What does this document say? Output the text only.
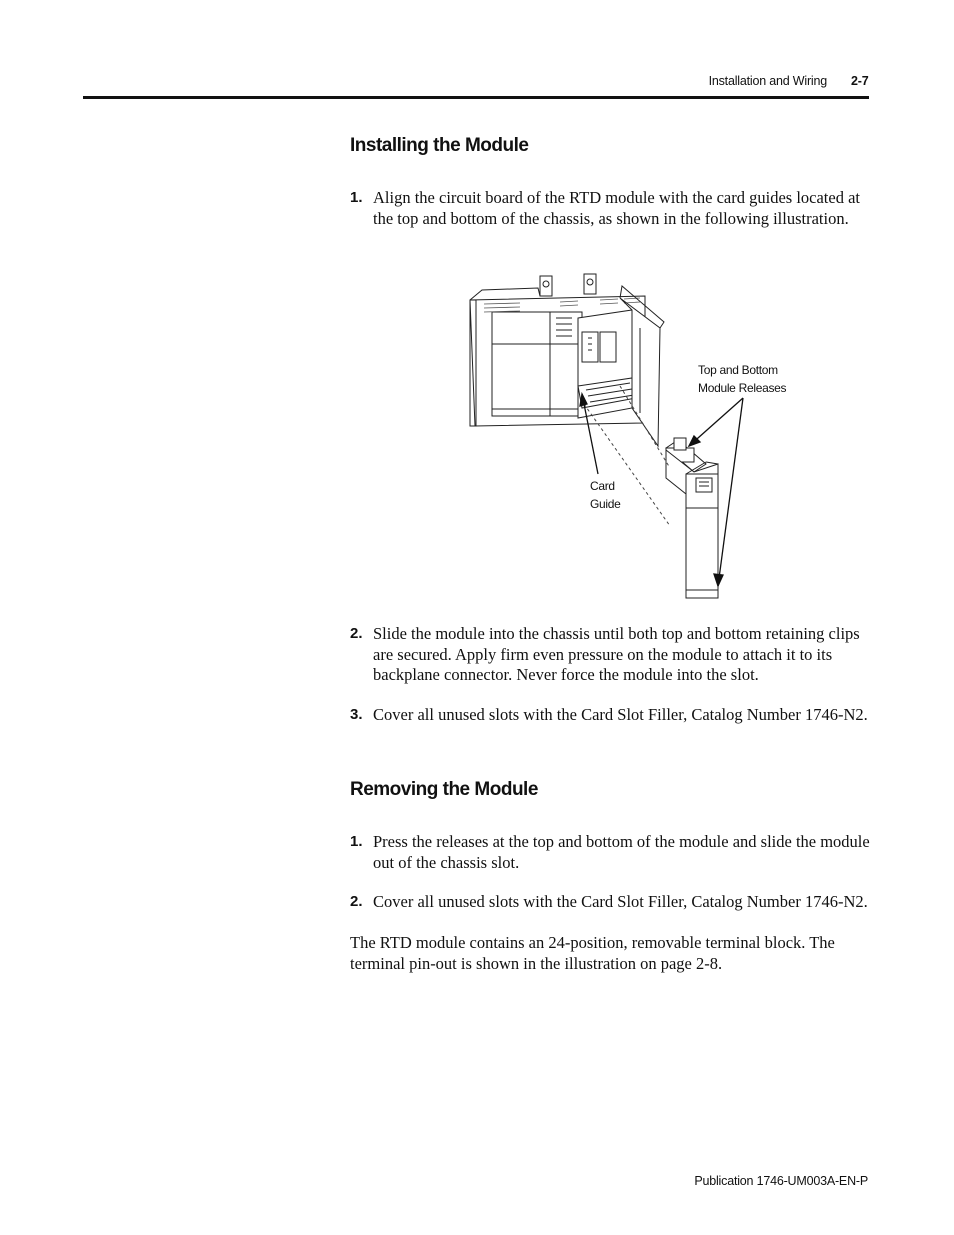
Installation and Wiring 2-7
Installing the Module
1. Align the circuit board of the RTD module with the card guides located at the top and bottom of the chassis, as shown in the following illustration.
Top and Bottom
Module Releases
Card
Guide
2. Slide the module into the chassis until both top and bottom retaining clips are secured. Apply firm even pressure on the module to attach it to its backplane connector. Never force the module into the slot.
3. Cover all unused slots with the Card Slot Filler, Catalog Number 1746-N2.
Removing the Module
1. Press the releases at the top and bottom of the module and slide the module out of the chassis slot.
2. Cover all unused slots with the Card Slot Filler, Catalog Number 1746-N2.
The RTD module contains an 24-position, removable terminal block. The terminal pin-out is shown in the illustration on page 2-8.
Publication 1746-UM003A-EN-P
